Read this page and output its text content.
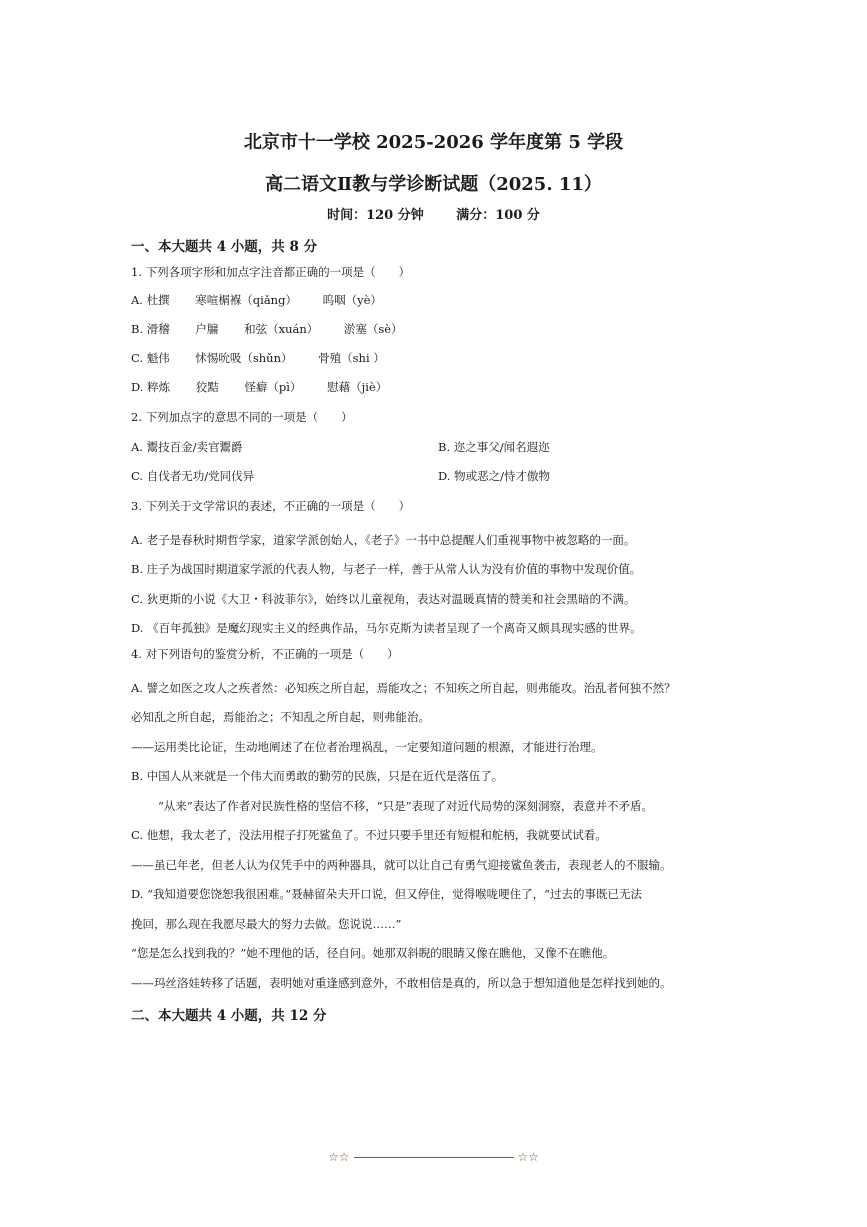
北京市十一学校 2025-2026 学年度第 5 学段
高二语文Ⅱ教与学诊断试题（2025. 11）
时间：120 分钟	满分：100 分
一、本大题共 4 小题，共 8 分
1. 下列各项字形和加点字注音都正确的一项是（　　）
A. 杜撰 寒喧榍褓（qiǎng） 呜咽（yè）
B. 滑稽 户牖 和弦（xuán） 淤塞（sè）
C. 魁伟 怵惕吮吸（shǔn） 骨殖（shi ）
D. 粹炼 狡黠 怪癖（pì） 慰藉（jiè）
2. 下列加点字的意思不同的一项是（　　）
A. 鬻技百金/卖官鬻爵	B. 迩之事父/闻名遐迩
C. 自伐者无功/党同伐异	D. 物或恶之/恃才傲物
3. 下列关于文学常识的表述，不正确的一项是（　　）
A. 老子是春秋时期哲学家，道家学派创始人，《老子》一书中总提醒人们重视事物中被忽略的一面。
B. 庄子为战国时期道家学派的代表人物，与老子一样，善于从常人认为没有价值的事物中发现价值。
C. 狄更斯的小说《大卫・科波菲尔》，始终以儿童视角，表达对温暖真情的赞美和社会黑暗的不满。
D. 《百年孤独》是魔幻现实主义的经典作品，马尔克斯为读者呈现了一个离奇又颇具现实感的世界。
4. 对下列语句的鉴赏分析，不正确的一项是（　　）
A. 譬之如医之攻人之疾者然：必知疾之所自起，焉能攻之；不知疾之所自起，则弗能攻。治乱者何独不然？
必知乱之所自起，焉能治之；不知乱之所自起，则弗能治。
——运用类比论证，生动地阐述了在位者治理祸乱，一定要知道问题的根源，才能进行治理。
B. 中国人从来就是一个伟大而勇敢的勤劳的民族，只是在近代是落伍了。
“从来”表达了作者对民族性格的坚信不移，“只是”表现了对近代局势的深刻洞察，表意并不矛盾。
C. 他想，我太老了，没法用棍子打死鲨鱼了。不过只要手里还有短棍和舵柄，我就要试试看。
——虽已年老，但老人认为仅凭手中的两种器具，就可以让自己有勇气迎接鲨鱼袭击，表现老人的不服输。
D. “我知道要您饶恕我很困难。”聂赫留朵夫开口说，但又停住，觉得喉咙哽住了，“过去的事既已无法
挽回，那么现在我愿尽最大的努力去做。您说说……”
“您是怎么找到我的？”她不理他的话，径自问。她那双斜睨的眼睛又像在瞧他，又像不在瞧他。
——玛丝洛娃转移了话题，表明她对重逢感到意外，不敢相信是真的，所以急于想知道他是怎样找到她的。
二、本大题共 4 小题，共 12 分
☆☆	☆☆
